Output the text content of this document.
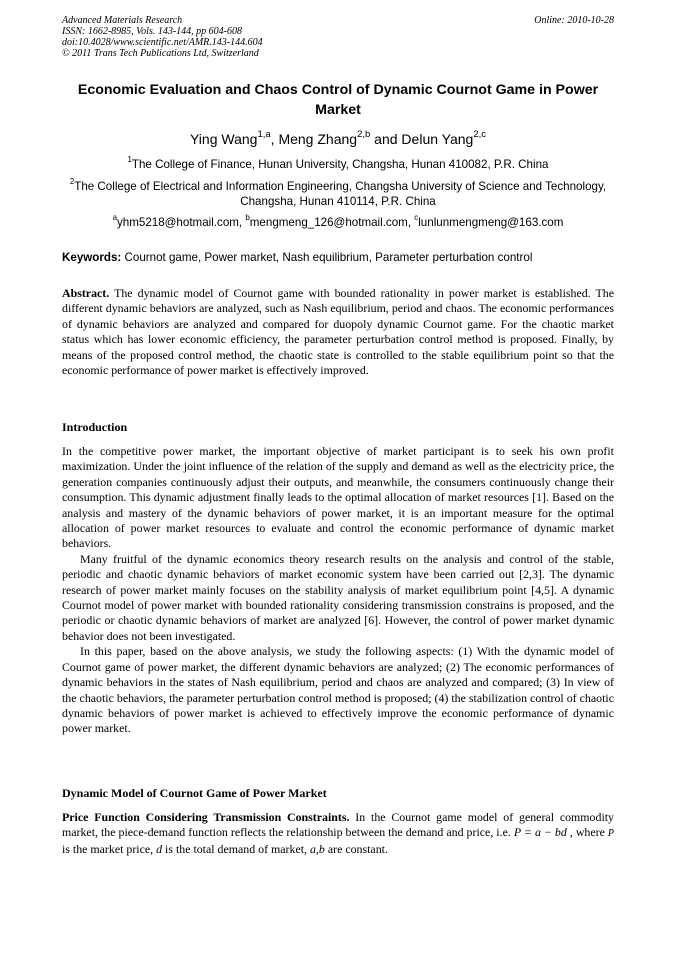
Advanced Materials Research
ISSN: 1662-8985, Vols. 143-144, pp 604-608
doi:10.4028/www.scientific.net/AMR.143-144.604
© 2011 Trans Tech Publications Ltd, Switzerland
Online: 2010-10-28
Economic Evaluation and Chaos Control of Dynamic Cournot Game in Power Market
Ying Wang$^{1,a}$, Meng Zhang$^{2,b}$ and Delun Yang$^{2,c}$
$^1$The College of Finance, Hunan University, Changsha, Hunan 410082, P.R. China
$^2$The College of Electrical and Information Engineering, Changsha University of Science and Technology, Changsha, Hunan 410114, P.R. China
$^a$yhm5218@hotmail.com, $^b$mengmeng_126@hotmail.com, $^c$lunlunmengmeng@163.com
Keywords: Cournot game, Power market, Nash equilibrium, Parameter perturbation control
Abstract. The dynamic model of Cournot game with bounded rationality in power market is established. The different dynamic behaviors are analyzed, such as Nash equilibrium, period and chaos. The economic performances of dynamic behaviors are analyzed and compared for duopoly dynamic Cournot game. For the chaotic market status which has lower economic efficiency, the parameter perturbation control method is proposed. Finally, by means of the proposed control method, the chaotic state is controlled to the stable equilibrium point so that the economic performance of power market is effectively improved.
Introduction

In the competitive power market, the important objective of market participant is to seek his own profit maximization. Under the joint influence of the relation of the supply and demand as well as the electricity price, the generation companies continuously adjust their outputs, and meanwhile, the consumers continuously change their consumption. This dynamic adjustment finally leads to the optimal allocation of market resources [1]. Based on the analysis and mastery of the dynamic behaviors of power market, it is an important measure for the optimal allocation of power market resources to evaluate and control the economic performance of dynamic market behaviors.

Many fruitful of the dynamic economics theory research results on the analysis and control of the stable, periodic and chaotic dynamic behaviors of market economic system have been carried out [2,3]. The dynamic research of power market mainly focuses on the stability analysis of market equilibrium point [4,5]. A dynamic Cournot model of power market with bounded rationality considering transmission constrains is proposed, and the periodic or chaotic dynamic behaviors of market are analyzed [6]. However, the control of power market dynamic behavior does not been investigated.

In this paper, based on the above analysis, we study the following aspects: (1) With the dynamic model of Cournot game of power market, the different dynamic behaviors are analyzed; (2) The economic performances of dynamic behaviors in the states of Nash equilibrium, period and chaos are analyzed and compared; (3) In view of the chaotic behaviors, the parameter perturbation control method is proposed; (4) the stabilization control of chaotic dynamic behaviors of power market is achieved to effectively improve the economic performance of dynamic power market.

Dynamic Model of Cournot Game of Power Market
Price Function Considering Transmission Constraints. In the Cournot game model of general commodity market, the piece-demand function reflects the relationship between the demand and price, i.e. P = a − bd , where P is the market price, d is the total demand of market, a,b are constant.
